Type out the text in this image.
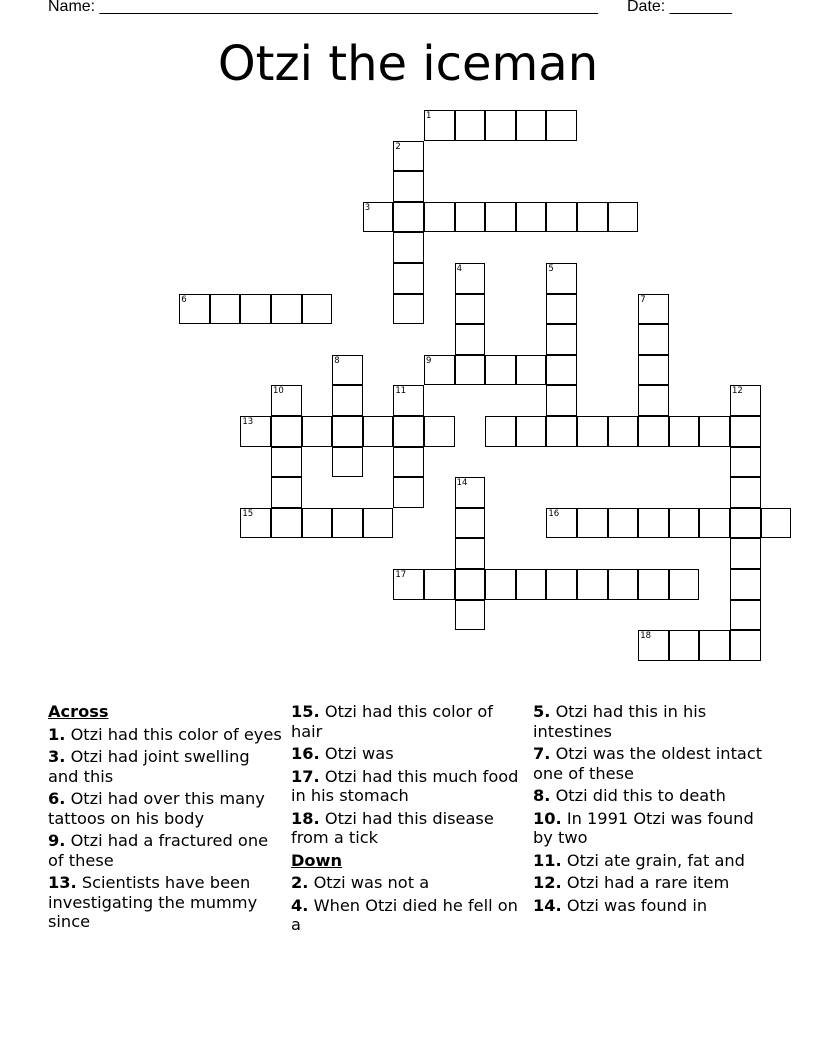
Name: ________________________________________________________ Date: _______
Otzi the iceman
1
2
3
4	5
6	7
8	9
10	11	12
13
14
15	16
17
18
Across
1. Otzi had this color of eyes
3. Otzi had joint swelling and this
6. Otzi had over this many tattoos on his body
9. Otzi had a fractured one of these
13. Scientists have been investigating the mummy since
15. Otzi had this color of hair
16. Otzi was
17. Otzi had this much food in his stomach
18. Otzi had this disease from a tick
Down
2. Otzi was not a
4. When Otzi died he fell on a
5. Otzi had this in his intestines
7. Otzi was the oldest intact one of these
8. Otzi did this to death
10. In 1991 Otzi was found by two
11. Otzi ate grain, fat and
12. Otzi had a rare item
14. Otzi was found in
